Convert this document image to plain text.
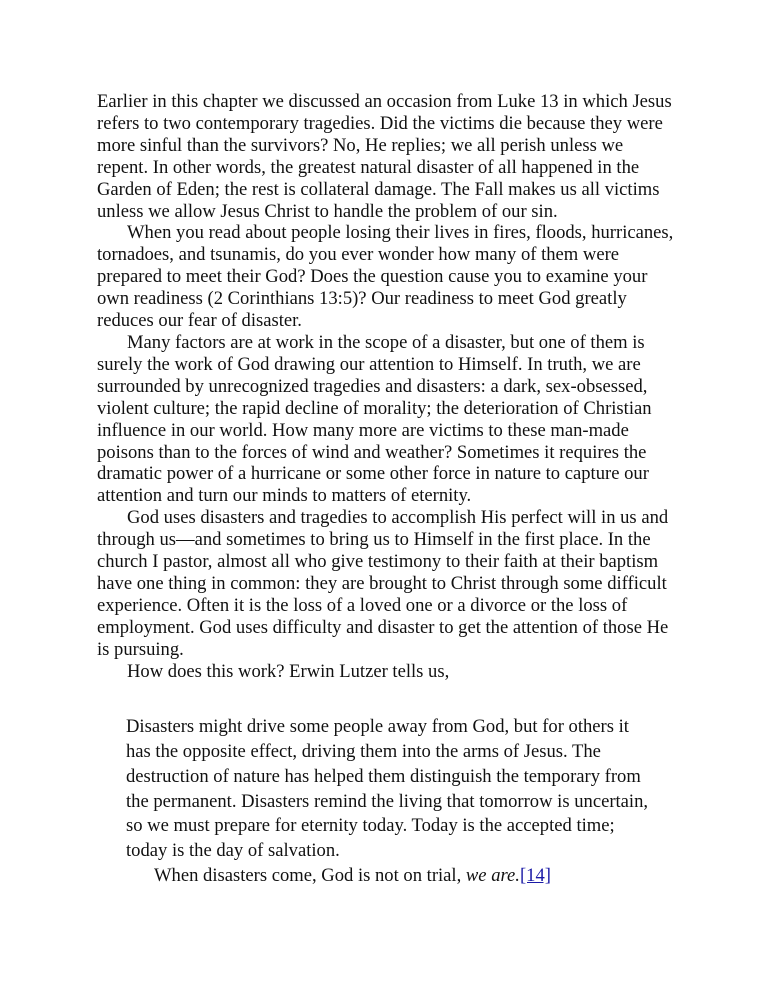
Earlier in this chapter we discussed an occasion from Luke 13 in which Jesus refers to two contemporary tragedies. Did the victims die because they were more sinful than the survivors? No, He replies; we all perish unless we repent. In other words, the greatest natural disaster of all happened in the Garden of Eden; the rest is collateral damage. The Fall makes us all victims unless we allow Jesus Christ to handle the problem of our sin.

When you read about people losing their lives in fires, floods, hurricanes, tornadoes, and tsunamis, do you ever wonder how many of them were prepared to meet their God? Does the question cause you to examine your own readiness (2 Corinthians 13:5)? Our readiness to meet God greatly reduces our fear of disaster.

Many factors are at work in the scope of a disaster, but one of them is surely the work of God drawing our attention to Himself. In truth, we are surrounded by unrecognized tragedies and disasters: a dark, sex-obsessed, violent culture; the rapid decline of morality; the deterioration of Christian influence in our world. How many more are victims to these man-made poisons than to the forces of wind and weather? Sometimes it requires the dramatic power of a hurricane or some other force in nature to capture our attention and turn our minds to matters of eternity.

God uses disasters and tragedies to accomplish His perfect will in us and through us—and sometimes to bring us to Himself in the first place. In the church I pastor, almost all who give testimony to their faith at their baptism have one thing in common: they are brought to Christ through some difficult experience. Often it is the loss of a loved one or a divorce or the loss of employment. God uses difficulty and disaster to get the attention of those He is pursuing.

How does this work? Erwin Lutzer tells us,

Disasters might drive some people away from God, but for others it has the opposite effect, driving them into the arms of Jesus. The destruction of nature has helped them distinguish the temporary from the permanent. Disasters remind the living that tomorrow is uncertain, so we must prepare for eternity today. Today is the accepted time; today is the day of salvation.

When disasters come, God is not on trial, we are.[14]
